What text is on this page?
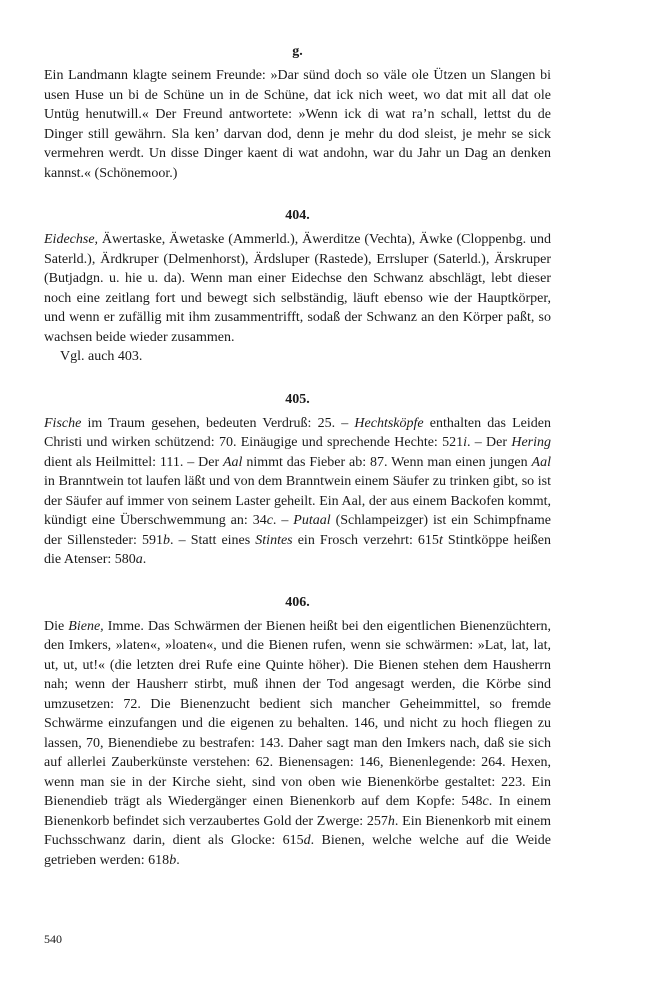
g.

Ein Landmann klagte seinem Freunde: »Dar sünd doch so väle ole Ützen un Slangen bi usen Huse un bi de Schüne un in de Schüne, dat ick nich weet, wo dat mit all dat ole Untüg henutwill.« Der Freund antwortete: »Wenn ick di wat ra’n schall, lettst du de Dinger still gewährn. Sla ken’ darvan dod, denn je mehr du dod sleist, je mehr se sick vermehren werdt. Un disse Dinger kaent di wat andohn, war du Jahr un Dag an denken kannst.« (Schönemoor.)

404.

Eidechse, Äwertaske, Äwetaske (Ammerld.), Äwerditze (Vechta), Äwke (Cloppenbg. und Saterld.), Ärdkruper (Delmenhorst), Ärdsluper (Rastede), Errsluper (Saterld.), Ärskruper (Butjadgn. u. hie u. da). Wenn man einer Eidechse den Schwanz abschlägt, lebt dieser noch eine zeitlang fort und bewegt sich selbständig, läuft ebenso wie der Hauptkörper, und wenn er zufällig mit ihm zusammentrifft, sodaß der Schwanz an den Körper paßt, so wachsen beide wieder zusammen.

Vgl. auch 403.

405.

Fische im Traum gesehen, bedeuten Verdruß: 25. – Hechtsköpfe enthalten das Leiden Christi und wirken schützend: 70. Einäugige und sprechende Hechte: 521i. – Der Hering dient als Heilmittel: 111. – Der Aal nimmt das Fieber ab: 87. Wenn man einen jungen Aal in Branntwein tot laufen läßt und von dem Branntwein einem Säufer zu trinken gibt, so ist der Säufer auf immer von seinem Laster geheilt. Ein Aal, der aus einem Backofen kommt, kündigt eine Überschwemmung an: 34c. – Putaal (Schlampeizger) ist ein Schimpfname der Sillensteder: 591b. – Statt eines Stintes ein Frosch verzehrt: 615t Stintköppe heißen die Atenser: 580a.

406.

Die Biene, Imme. Das Schwärmen der Bienen heißt bei den eigentlichen Bienenzüchtern, den Imkers, »laten«, »loaten«, und die Bienen rufen, wenn sie schwärmen: »Lat, lat, lat, ut, ut, ut!« (die letzten drei Rufe eine Quinte höher). Die Bienen stehen dem Hausherrn nah; wenn der Hausherr stirbt, muß ihnen der Tod angesagt werden, die Körbe sind umzusetzen: 72. Die Bienenzucht bedient sich mancher Geheimmittel, so fremde Schwärme einzufangen und die eigenen zu behalten. 146, und nicht zu hoch fliegen zu lassen, 70, Bienendiebe zu bestrafen: 143. Daher sagt man den Imkers nach, daß sie sich auf allerlei Zauberkünste verstehen: 62. Bienensagen: 146, Bienenlegende: 264. Hexen, wenn man sie in der Kirche sieht, sind von oben wie Bienenkörbe gestaltet: 223. Ein Bienendieb trägt als Wiedergänger einen Bienenkorb auf dem Kopfe: 548c. In einem Bienenkorb befindet sich verzaubertes Gold der Zwerge: 257h. Ein Bienenkorb mit einem Fuchsschwanz darin, dient als Glocke: 615d. Bienen, welche welche auf die Weide getrieben werden: 618b.

540
